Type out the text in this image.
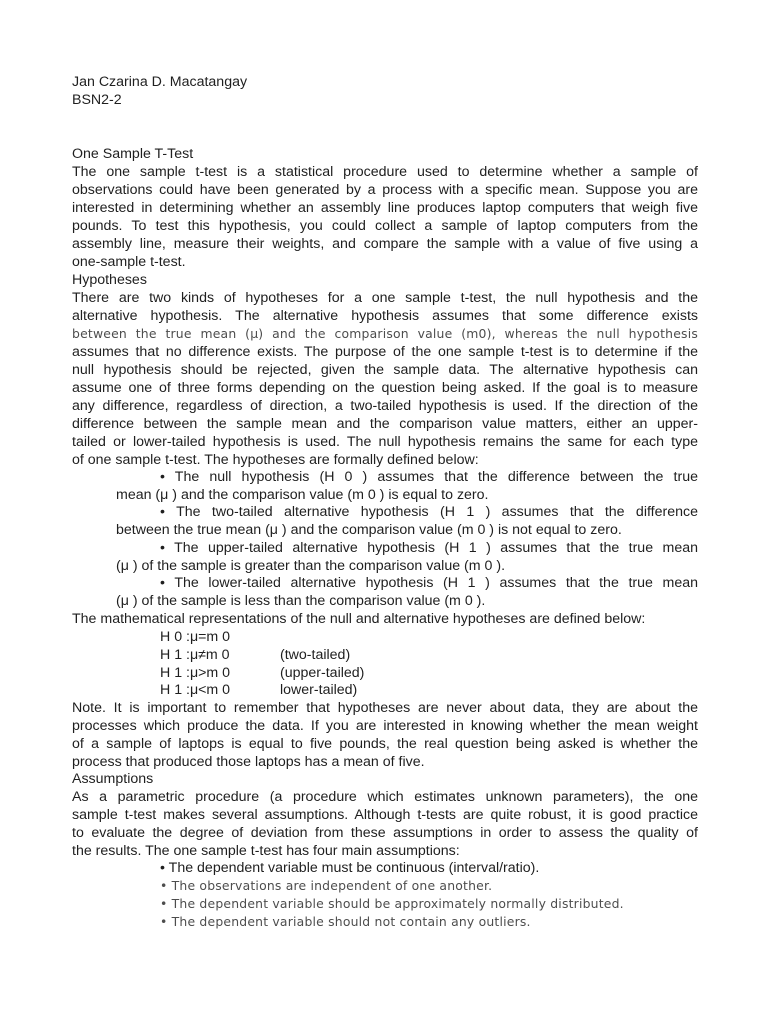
Jan Czarina D. Macatangay
BSN2-2
One Sample T-Test
The one sample t-test is a statistical procedure used to determine whether a sample of
observations could have been generated by a process with a specific mean. Suppose you are
interested in determining whether an assembly line produces laptop computers that weigh five
pounds. To test this hypothesis, you could collect a sample of laptop computers from the
assembly line, measure their weights, and compare the sample with a value of five using a
one-sample t-test.
Hypotheses
There are two kinds of hypotheses for a one sample t-test, the null hypothesis and the
alternative hypothesis. The alternative hypothesis assumes that some difference exists
between the true mean (μ) and the comparison value (m0), whereas the null hypothesis
assumes that no difference exists. The purpose of the one sample t-test is to determine if the
null hypothesis should be rejected, given the sample data. The alternative hypothesis can
assume one of three forms depending on the question being asked. If the goal is to measure
any difference, regardless of direction, a two-tailed hypothesis is used. If the direction of the
difference between the sample mean and the comparison value matters, either an upper-
tailed or lower-tailed hypothesis is used. The null hypothesis remains the same for each type
of one sample t-test. The hypotheses are formally defined below:
• The null hypothesis (H 0 ) assumes that the difference between the true
mean (μ ) and the comparison value (m 0 ) is equal to zero.
• The two-tailed alternative hypothesis (H 1 ) assumes that the difference
between the true mean (μ ) and the comparison value (m 0 ) is not equal to zero.
• The upper-tailed alternative hypothesis (H 1 ) assumes that the true mean
(μ ) of the sample is greater than the comparison value (m 0 ).
• The lower-tailed alternative hypothesis (H 1 ) assumes that the true mean
(μ ) of the sample is less than the comparison value (m 0 ).
The mathematical representations of the null and alternative hypotheses are defined below:
H 0 :μ=m 0
H 1 :μ≠m 0	(two-tailed)
H 1 :μ>m 0	(upper-tailed)
H 1 :μ<m 0	lower-tailed)
Note. It is important to remember that hypotheses are never about data, they are about the
processes which produce the data. If you are interested in knowing whether the mean weight
of a sample of laptops is equal to five pounds, the real question being asked is whether the
process that produced those laptops has a mean of five.
Assumptions
As a parametric procedure (a procedure which estimates unknown parameters), the one
sample t-test makes several assumptions. Although t-tests are quite robust, it is good practice
to evaluate the degree of deviation from these assumptions in order to assess the quality of
the results. The one sample t-test has four main assumptions:
• The dependent variable must be continuous (interval/ratio).
• The observations are independent of one another.
• The dependent variable should be approximately normally distributed.
• The dependent variable should not contain any outliers.
